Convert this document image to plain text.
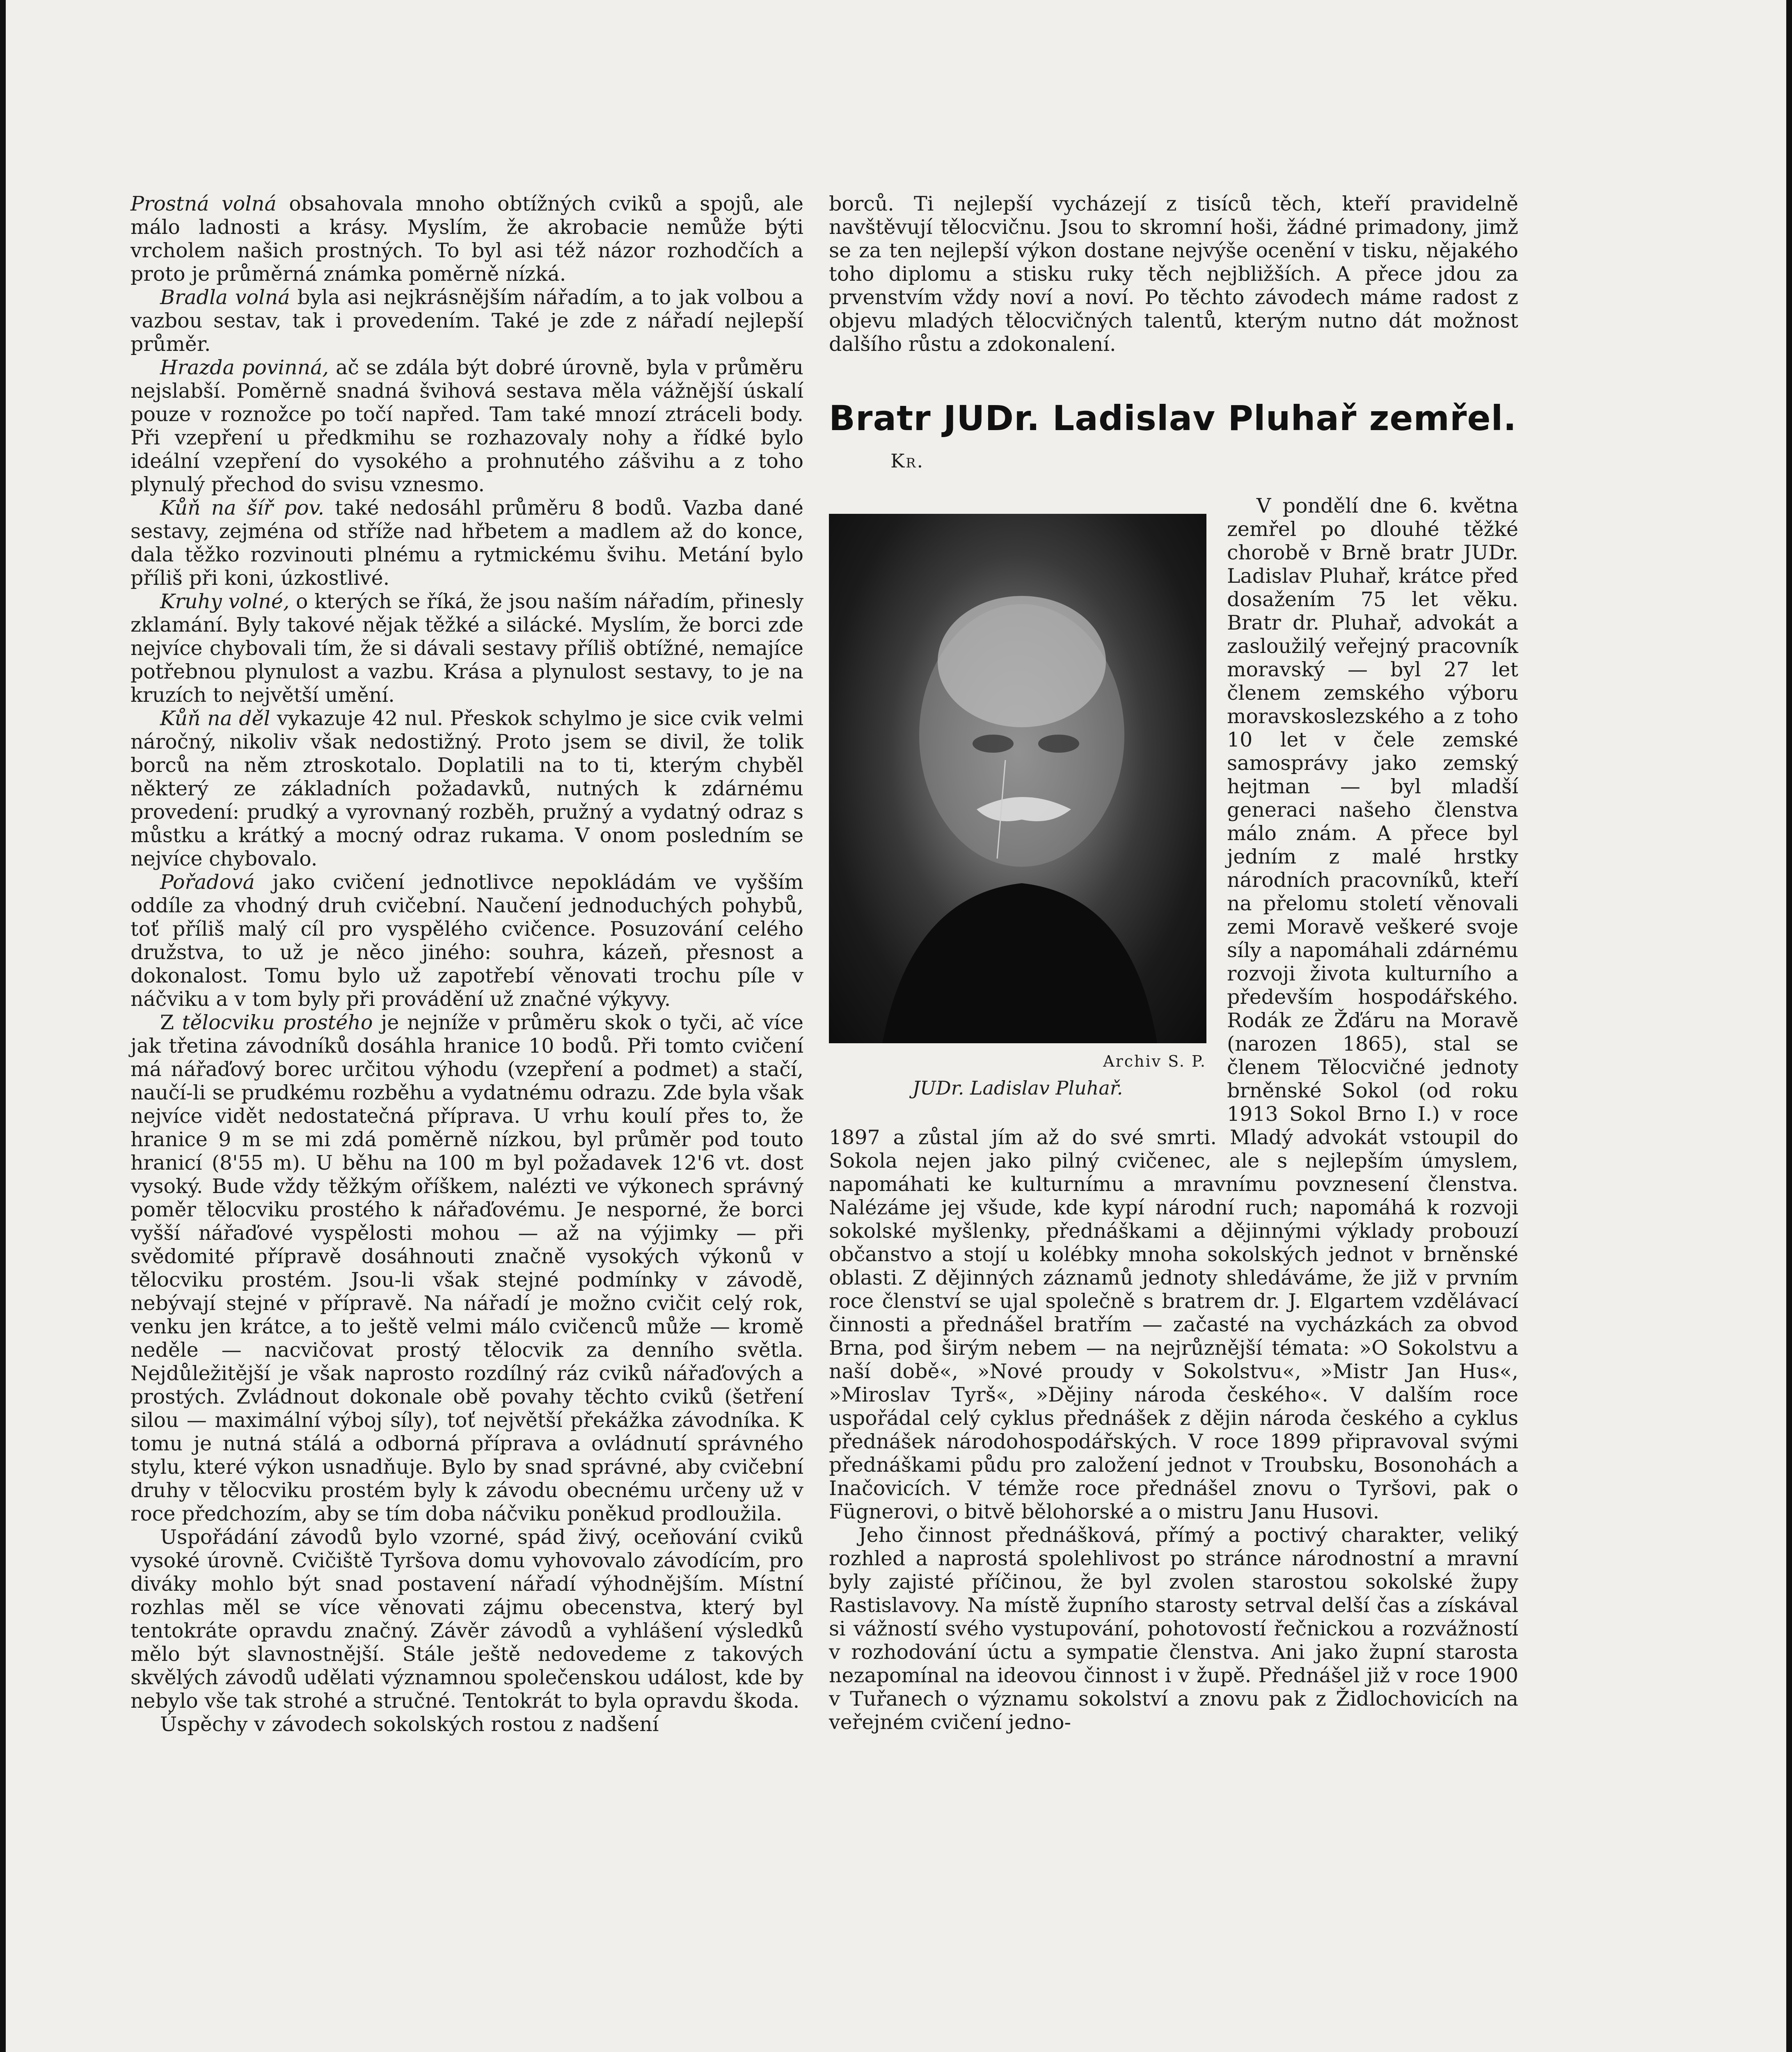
Prostná volná obsahovala mnoho obtížných cviků a spojů, ale málo ladnosti a krásy. Myslím, že akrobacie nemůže býti vrcholem našich prostných. To byl asi též názor rozhodčích a proto je průměrná známka poměrně nízká.

Bradla volná byla asi nejkrásnějším nářadím, a to jak volbou a vazbou sestav, tak i provedením. Také je zde z nářadí nejlepší průměr.

Hrazda povinná, ač se zdála být dobré úrovně, byla v průměru nejslabší. Poměrně snadná švihová sestava měla vážnější úskalí pouze v roznožce po točí napřed. Tam také mnozí ztráceli body. Při vzepření u předkmihu se rozhazovaly nohy a řídké bylo ideální vzepření do vysokého a prohnutého zášvihu a z toho plynulý přechod do svisu vznesmo.

Kůň na šíř pov. také nedosáhl průměru 8 bodů. Vazba dané sestavy, zejména od stříže nad hřbetem a madlem až do konce, dala těžko rozvinouti plnému a rytmickému švihu. Metání bylo příliš při koni, úzkostlivé.

Kruhy volné, o kterých se říká, že jsou naším nářadím, přinesly zklamání. Byly takové nějak těžké a silácké. Myslím, že borci zde nejvíce chybovali tím, že si dávali sestavy příliš obtížné, nemajíce potřebnou plynulost a vazbu. Krása a plynulost sestavy, to je na kruzích to největší umění.

Kůň na děl vykazuje 42 nul. Přeskok schylmo je sice cvik velmi náročný, nikoliv však nedostižný. Proto jsem se divil, že tolik borců na něm ztroskotalo. Doplatili na to ti, kterým chyběl některý ze základních požadavků, nutných k zdárnému provedení: prudký a vyrovnaný rozběh, pružný a vydatný odraz s můstku a krátký a mocný odraz rukama. V onom posledním se nejvíce chybovalo.

Pořadová jako cvičení jednotlivce nepokládám ve vyšším oddíle za vhodný druh cvičební. Naučení jednoduchých pohybů, toť příliš malý cíl pro vyspělého cvičence. Posuzování celého družstva, to už je něco jiného: souhra, kázeň, přesnost a dokonalost. Tomu bylo už zapotřebí věnovati trochu píle v náčviku a v tom byly při provádění už značné výkyvy.

Z tělocviku prostého je nejníže v průměru skok o tyči, ač více jak třetina závodníků dosáhla hranice 10 bodů. Při tomto cvičení má nářaďový borec určitou výhodu (vzepření a podmet) a stačí, naučí-li se prudkému rozběhu a vydatnému odrazu. Zde byla však nejvíce vidět nedostatečná příprava. U vrhu koulí přes to, že hranice 9 m se mi zdá poměrně nízkou, byl průměr pod touto hranicí (8'55 m). U běhu na 100 m byl požadavek 12'6 vt. dost vysoký. Bude vždy těžkým oříškem, nalézti ve výkonech správný poměr tělocviku prostého k nářaďovému. Je nesporné, že borci vyšší nářaďové vyspělosti mohou — až na výjimky — při svědomité přípravě dosáhnouti značně vysokých výkonů v tělocviku prostém. Jsou-li však stejné podmínky v závodě, nebývají stejné v přípravě. Na nářadí je možno cvičit celý rok, venku jen krátce, a to ještě velmi málo cvičenců může — kromě neděle — nacvičovat prostý tělocvik za denního světla. Nejdůležitější je však naprosto rozdílný ráz cviků nářaďových a prostých. Zvládnout dokonale obě povahy těchto cviků (šetření silou — maximální výboj síly), toť největší překážka závodníka. K tomu je nutná stálá a odborná příprava a ovládnutí správného stylu, které výkon usnadňuje. Bylo by snad správné, aby cvičební druhy v tělocviku prostém byly k závodu obecnému určeny už v roce předchozím, aby se tím doba náčviku poněkud prodloužila.

Uspořádání závodů bylo vzorné, spád živý, oceňování cviků vysoké úrovně. Cvičiště Tyršova domu vyhovovalo závodícím, pro diváky mohlo být snad postavení nářadí výhodnějším. Místní rozhlas měl se více věnovati zájmu obecenstva, který byl tentokráte opravdu značný. Závěr závodů a vyhlášení výsledků mělo být slavnostnější. Stále ještě nedovedeme z takových skvělých závodů udělati významnou společenskou událost, kde by nebylo vše tak strohé a stručné. Tentokrát to byla opravdu škoda.

Úspěchy v závodech sokolských rostou z nadšení

borců. Ti nejlepší vycházejí z tisíců těch, kteří pravidelně navštěvují tělocvičnu. Jsou to skromní hoši, žádné primadony, jimž se za ten nejlepší výkon dostane nejvýše ocenění v tisku, nějakého toho diplomu a stisku ruky těch nejbližších. A přece jdou za prvenstvím vždy noví a noví. Po těchto závodech máme radost z objevu mladých tělocvičných talentů, kterým nutno dát možnost dalšího růstu a zdokonalení.

Bratr JUDr. Ladislav Pluhař zemřel.
Kr.
Archiv S. P.
JUDr. Ladislav Pluhař.

V pondělí dne 6. května zemřel po dlouhé těžké chorobě v Brně bratr JUDr. Ladislav Pluhař, krátce před dosažením 75 let věku. Bratr dr. Pluhař, advokát a zasloužilý veřejný pracovník moravský — byl 27 let členem zemského výboru moravskoslezského a z toho 10 let v čele zemské samosprávy jako zemský hejtman — byl mladší generaci našeho členstva málo znám. A přece byl jedním z malé hrstky národních pracovníků, kteří na přelomu století věnovali zemi Moravě veškeré svoje síly a napomáhali zdárnému rozvoji života kulturního a především hospodářského. Rodák ze Žďáru na Moravě (narozen 1865), stal se členem Tělocvičné jednoty brněnské Sokol (od roku 1913 Sokol Brno I.) v roce 1897 a zůstal jím až do své smrti. Mladý advokát vstoupil do Sokola nejen jako pilný cvičenec, ale s nejlepším úmyslem, napomáhati ke kulturnímu a mravnímu povznesení členstva. Nalézáme jej všude, kde kypí národní ruch; napomáhá k rozvoji sokolské myšlenky, přednáškami a dějinnými výklady probouzí občanstvo a stojí u kolébky mnoha sokolských jednot v brněnské oblasti. Z dějinných záznamů jednoty shledáváme, že již v prvním roce členství se ujal společně s bratrem dr. J. Elgartem vzdělávací činnosti a přednášel bratřím — začasté na vycházkách za obvod Brna, pod širým nebem — na nejrůznější témata: »O Sokolstvu a naší době«, »Nové proudy v Sokolstvu«, »Mistr Jan Hus«, »Miroslav Tyrš«, »Dějiny národa českého«. V dalším roce uspořádal celý cyklus přednášek z dějin národa českého a cyklus přednášek národohospodářských. V roce 1899 připravoval svými přednáškami půdu pro založení jednot v Troubsku, Bosonohách a Inačovicích. V témže roce přednášel znovu o Tyršovi, pak o Fügnerovi, o bitvě bělohorské a o mistru Janu Husovi.

Jeho činnost přednášková, přímý a poctivý charakter, veliký rozhled a naprostá spolehlivost po stránce národnostní a mravní byly zajisté příčinou, že byl zvolen starostou sokolské župy Rastislavovy. Na místě župního starosty setrval delší čas a získával si vážností svého vystupování, pohotovostí řečnickou a rozvážností v rozhodování úctu a sympatie členstva. Ani jako župní starosta nezapomínal na ideovou činnost i v župě. Přednášel již v roce 1900 v Tuřanech o významu sokolství a znovu pak z Židlochovicích na veřejném cvičení jedno-
